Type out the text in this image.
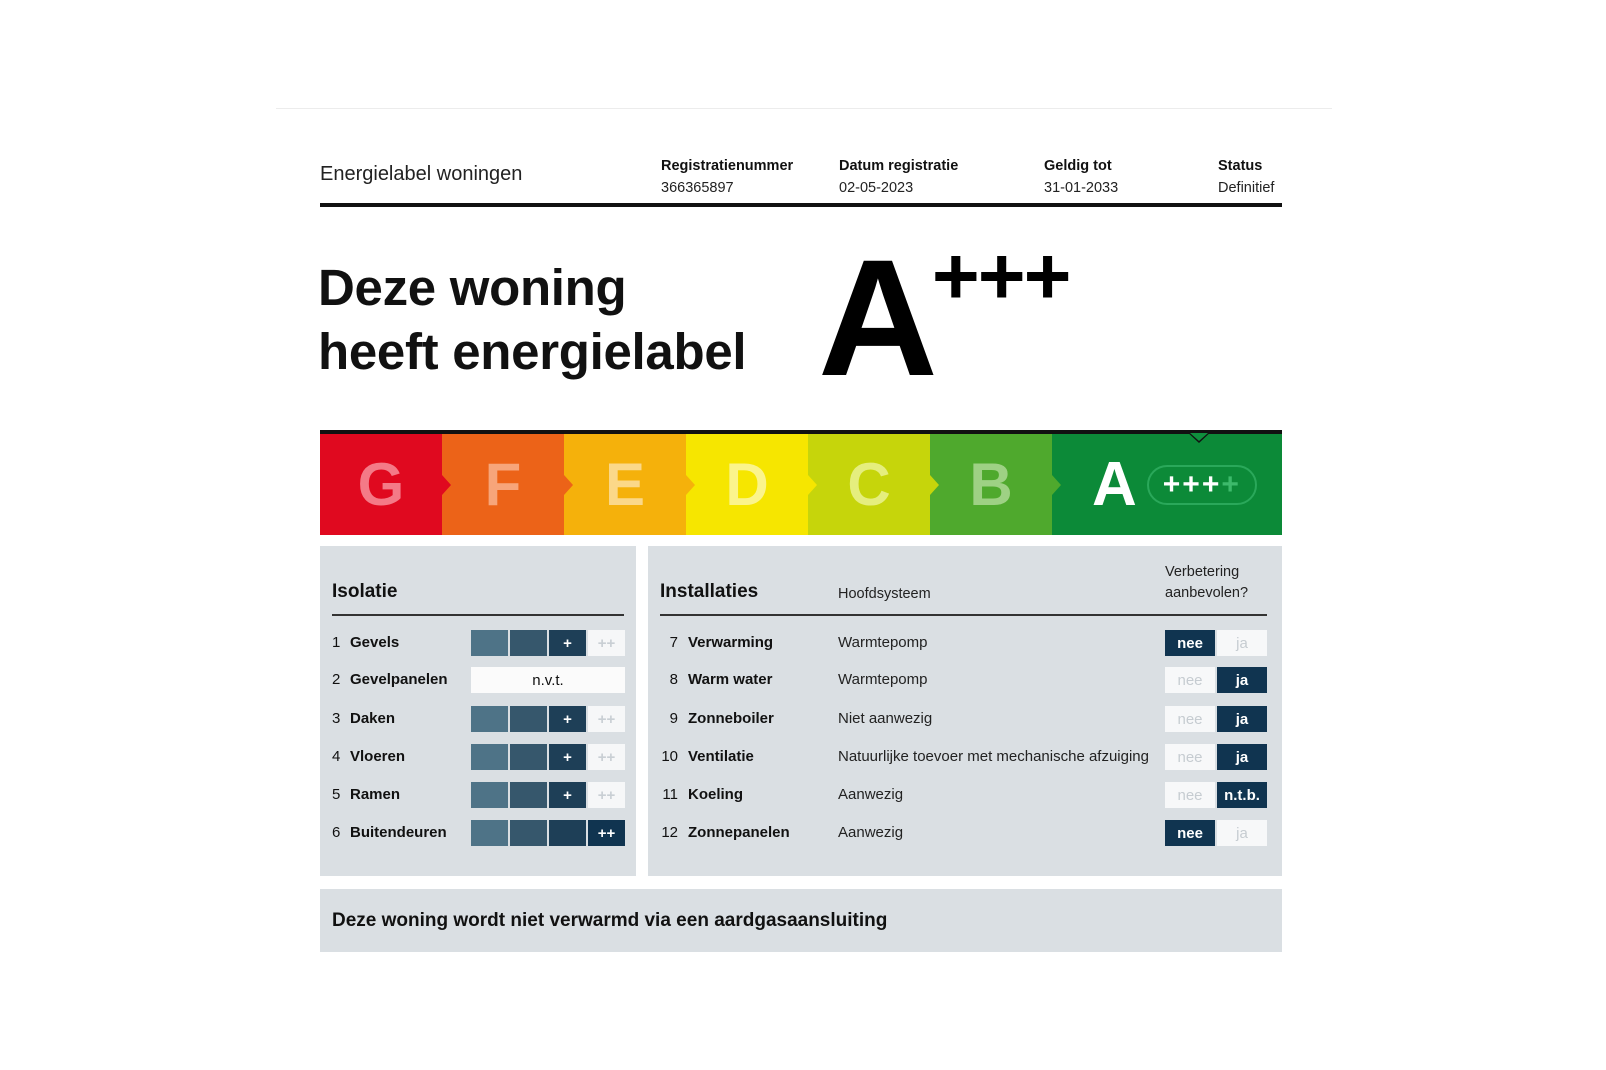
Energielabel woningen	Registratienummer
366365897
Datum registratie
02-05-2023
Geldig tot
31-01-2033
Status
Definitief
Deze woning
heeft energielabel A+++
G F E D C B A +++ +
Isolatie
1 Gevels	+	++
2 Gevelpanelen	n.v.t.
3 Daken	+	++
4 Vloeren	+	++
5 Ramen	+	++
6 Buitendeuren	++
Installaties	Hoofdsysteem
Verbetering
aanbevolen?
7 Verwarming	Warmtepomp	nee	ja
8 Warm water	Warmtepomp	nee	ja
9 Zonneboiler	Niet aanwezig	nee	ja
10 Ventilatie	Natuurlijke toevoer met mechanische afzuiging	nee	ja
11 Koeling	Aanwezig	nee	n.t.b.
12 Zonnepanelen	Aanwezig	nee	ja
Deze woning wordt niet verwarmd via een aardgasaansluiting
